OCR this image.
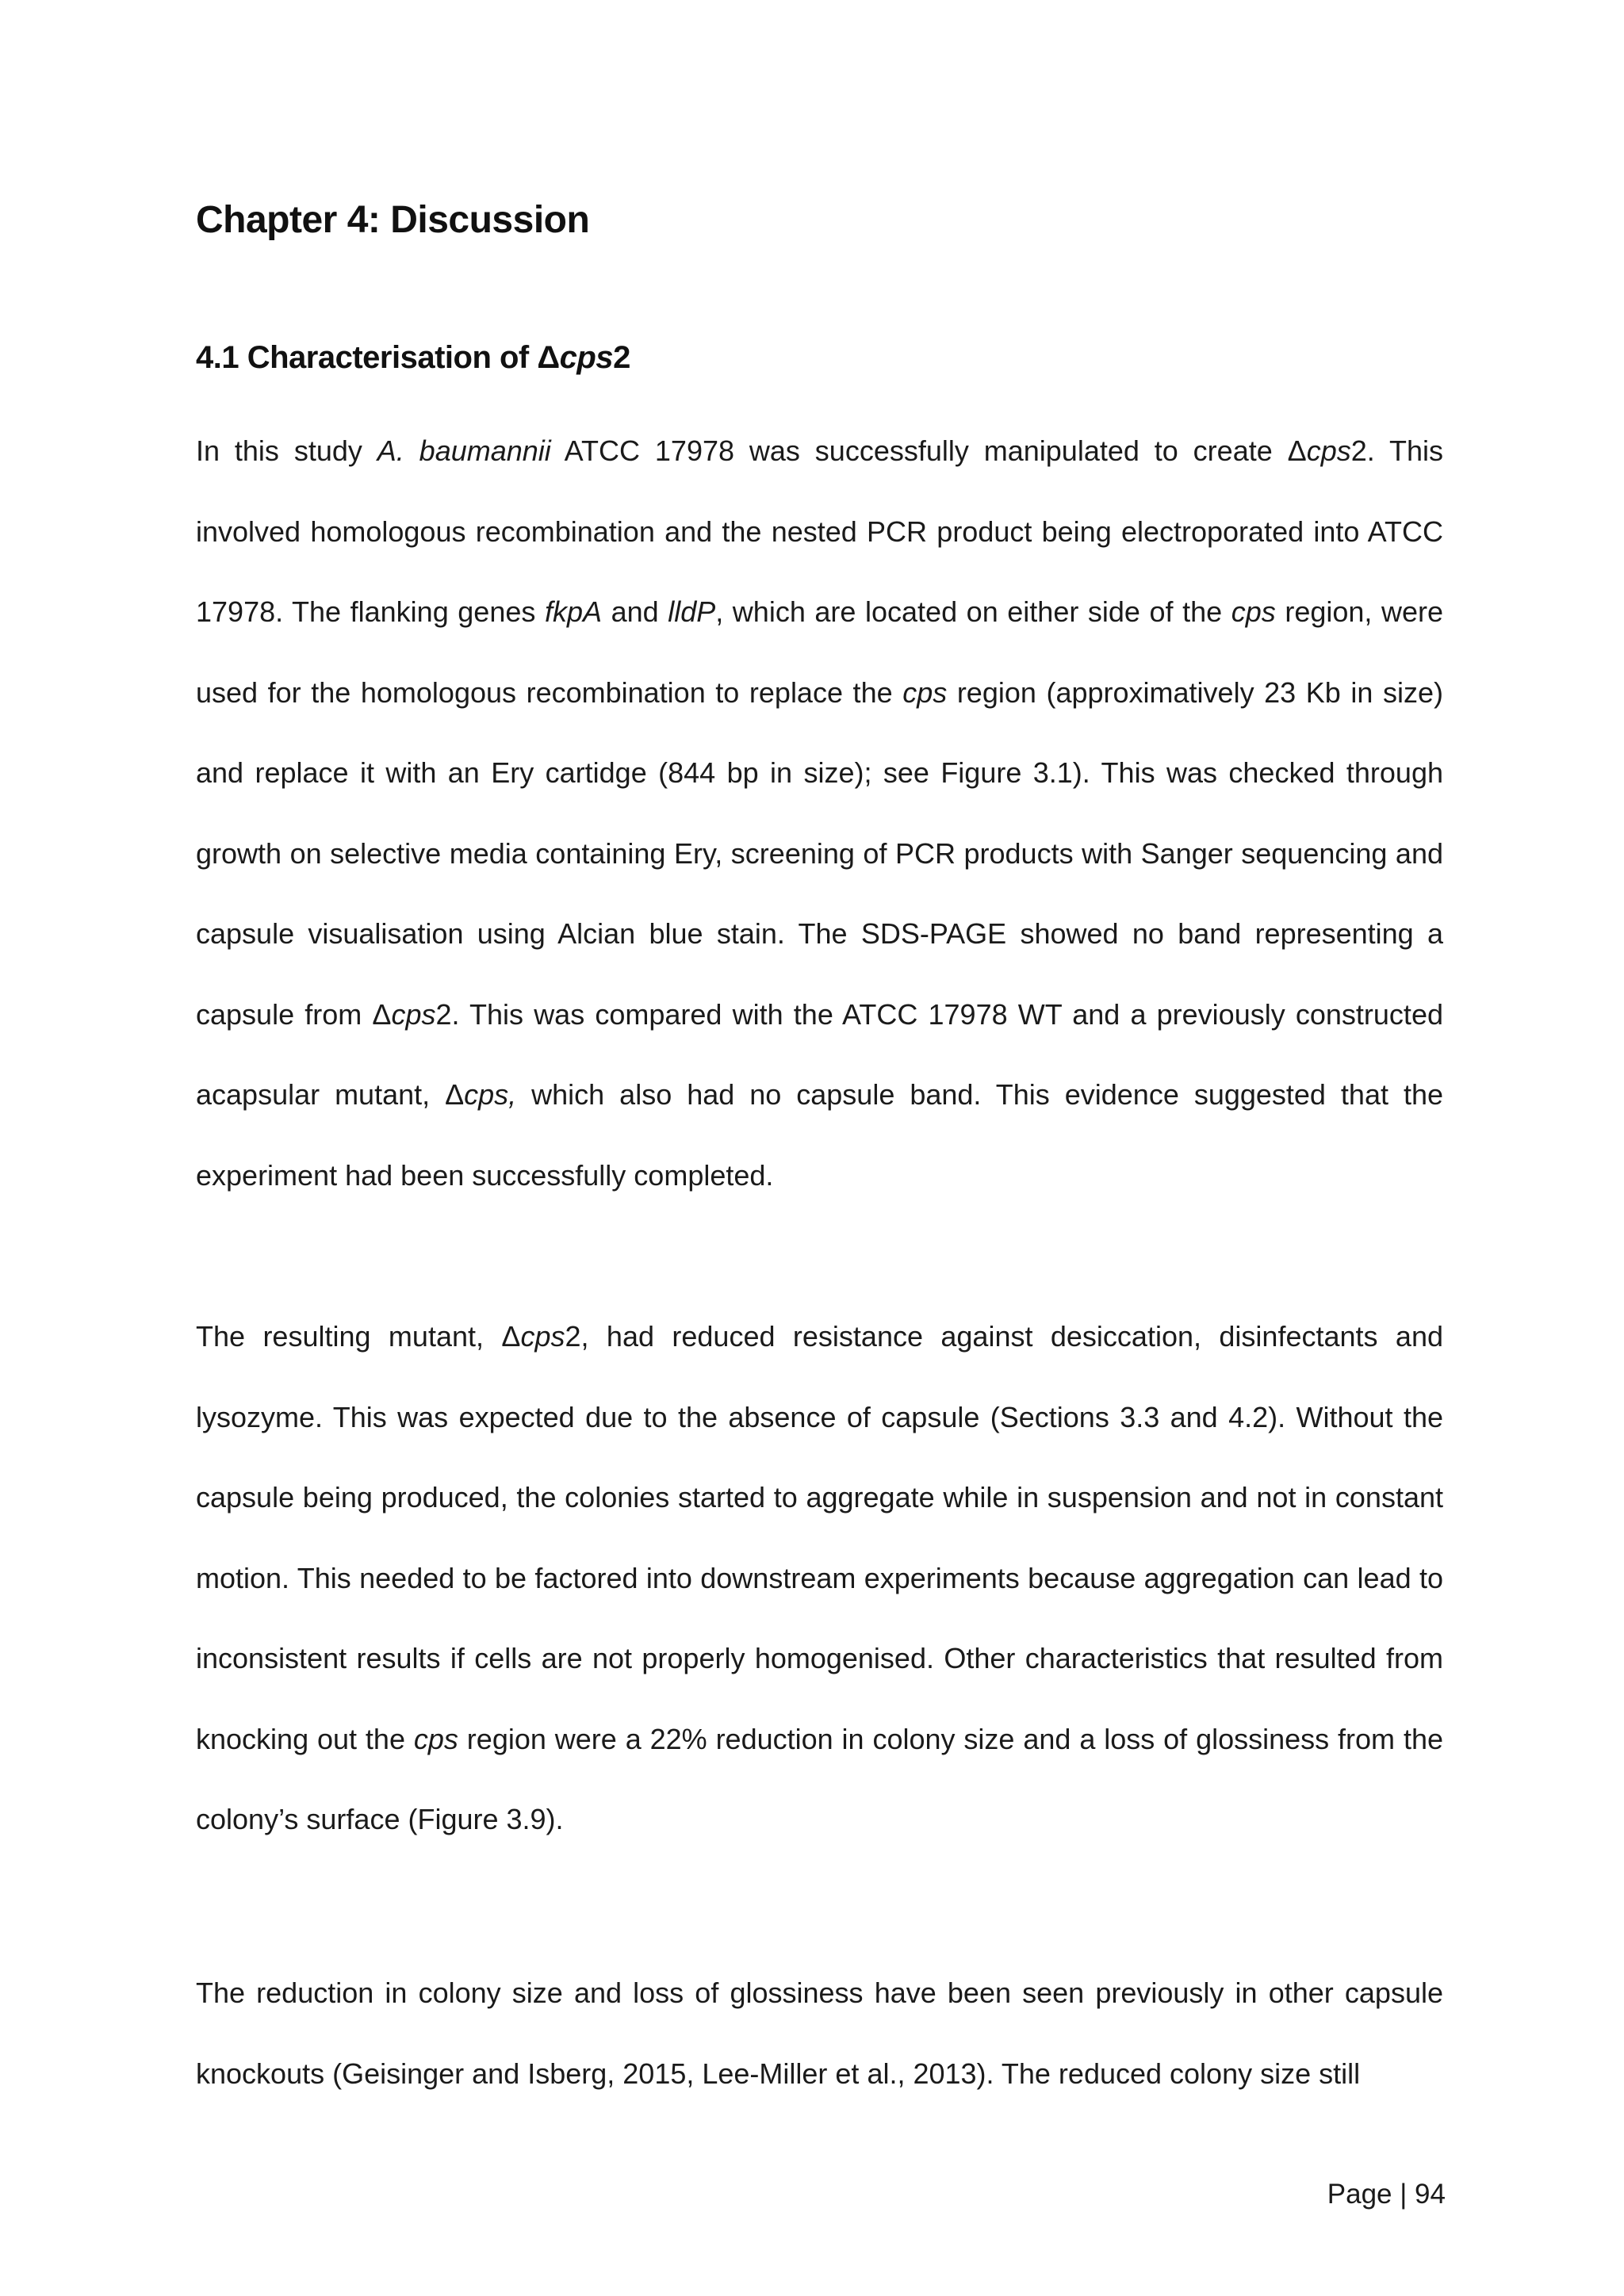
Chapter 4: Discussion
4.1 Characterisation of Δcps2

In this study A. baumannii ATCC 17978 was successfully manipulated to create Δcps2. This involved homologous recombination and the nested PCR product being electroporated into ATCC 17978. The flanking genes fkpA and lldP, which are located on either side of the cps region, were used for the homologous recombination to replace the cps region (approximatively 23 Kb in size) and replace it with an Ery cartidge (844 bp in size); see Figure 3.1). This was checked through growth on selective media containing Ery, screening of PCR products with Sanger sequencing and capsule visualisation using Alcian blue stain. The SDS-PAGE showed no band representing a capsule from Δcps2. This was compared with the ATCC 17978 WT and a previously constructed acapsular mutant, Δcps, which also had no capsule band. This evidence suggested that the experiment had been successfully completed.

The resulting mutant, Δcps2, had reduced resistance against desiccation, disinfectants and lysozyme. This was expected due to the absence of capsule (Sections 3.3 and 4.2). Without the capsule being produced, the colonies started to aggregate while in suspension and not in constant motion. This needed to be factored into downstream experiments because aggregation can lead to inconsistent results if cells are not properly homogenised. Other characteristics that resulted from knocking out the cps region were a 22% reduction in colony size and a loss of glossiness from the colony’s surface (Figure 3.9).

The reduction in colony size and loss of glossiness have been seen previously in other capsule knockouts (Geisinger and Isberg, 2015, Lee-Miller et al., 2013). The reduced colony size still

Page | 94
